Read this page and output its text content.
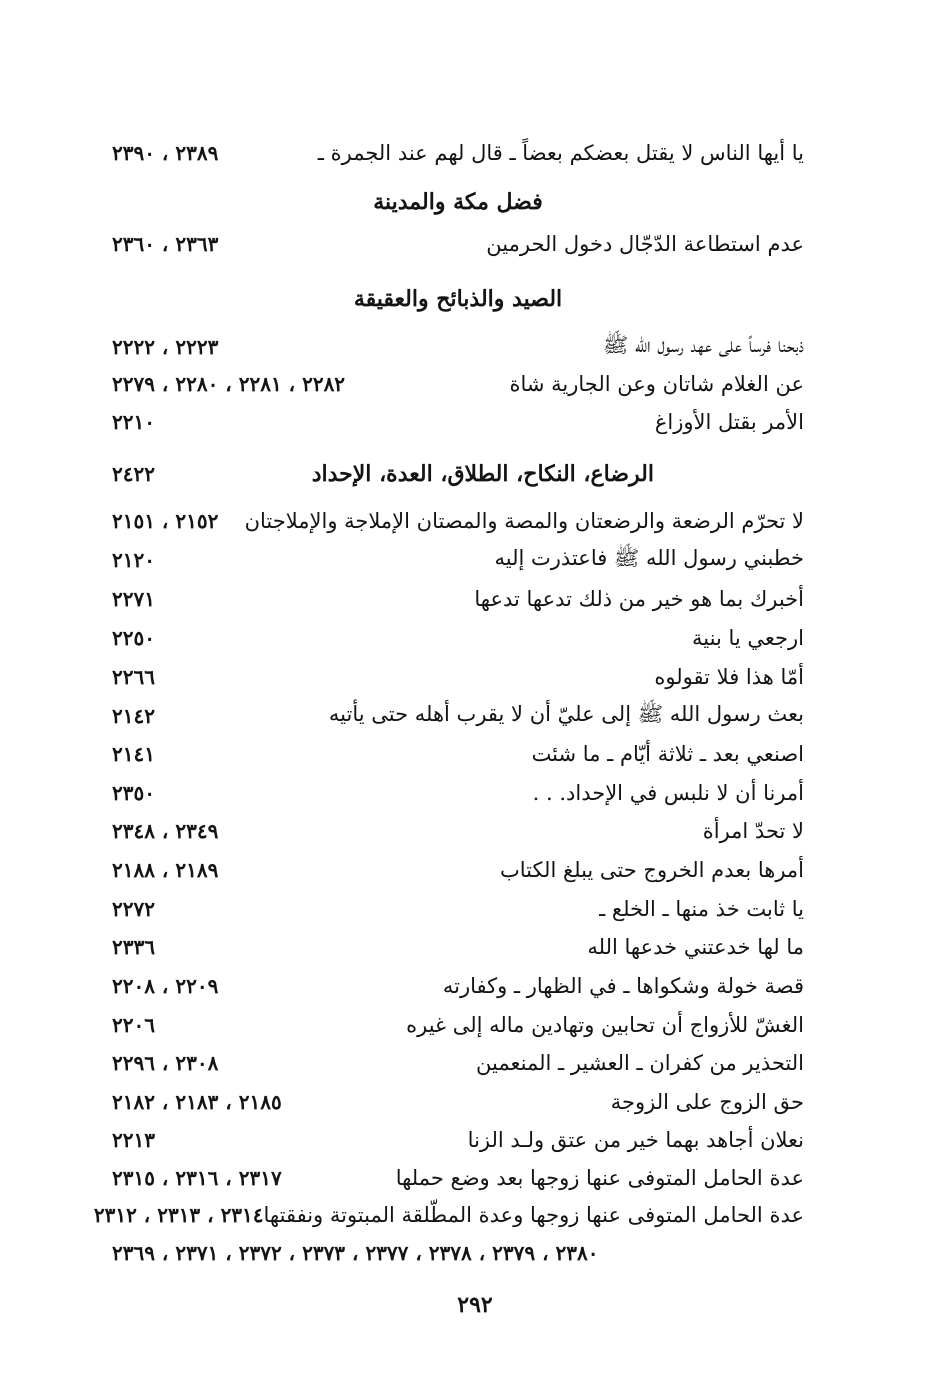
يا أيها الناس لا يقتل بعضكم بعضاً ـ قال لهم عند الجمرة ـ
٢٣٨٩ ، ٢٣٩٠
فضل مكة والمدينة
عدم استطاعة الدّجّال دخول الحرمين
٢٣٦٣ ، ٢٣٦٠
الصيد والذبائح والعقيقة
ذبحنا فرساً على عهد رسول الله ﷺ
٢٢٢٣ ، ٢٢٢٢
عن الغلام شاتان وعن الجارية شاة
٢٢٨٢ ، ٢٢٨١ ، ٢٢٨٠ ، ٢٢٧٩
الأمر بقتل الأوزاغ
٢٢١٠
الرضاع، النكاح، الطلاق، العدة، الإحداد
٢٤٢٢
لا تحرّم الرضعة والرضعتان والمصة والمصتان الإملاجة والإملاجتان
٢١٥٢ ، ٢١٥١
خطبني رسول الله ﷺ فاعتذرت إليه
٢١٢٠
أخبرك بما هو خير من ذلك تدعها تدعها
٢٢٧١
ارجعي يا بنية
٢٢٥٠
أمّا هذا فلا تقولوه
٢٢٦٦
بعث رسول الله ﷺ إلى عليّ أن لا يقرب أهله حتى يأتيه
٢١٤٢
اصنعي بعد ـ ثلاثة أيّام ـ ما شئت
٢١٤١
أمرنا أن لا نلبس في الإحداد. . .
٢٣٥٠
لا تحدّ امرأة
٢٣٤٩ ، ٢٣٤٨
أمرها بعدم الخروج حتى يبلغ الكتاب
٢١٨٩ ، ٢١٨٨
يا ثابت خذ منها ـ الخلع ـ
٢٢٧٢
ما لها خدعتني خدعها الله
٢٣٣٦
قصة خولة وشكواها ـ في الظهار ـ وكفارته
٢٢٠٩ ، ٢٢٠٨
الغشّ للأزواج أن تحابين وتهادين ماله إلى غيره
٢٢٠٦
التحذير من كفران ـ العشير ـ المنعمين
٢٣٠٨ ، ٢٢٩٦
حق الزوج على الزوجة
٢١٨٥ ، ٢١٨٣ ، ٢١٨٢
نعلان أجاهد بهما خير من عتق ولـد الزنا
٢٢١٣
عدة الحامل المتوفى عنها زوجها بعد وضع حملها
٢٣١٧ ، ٢٣١٦ ، ٢٣١٥
عدة الحامل المتوفى عنها زوجها وعدة المطّلقة المبتوتة ونفقتها
٢٣١٤ ، ٢٣١٣ ، ٢٣١٢
٢٣٨٠ ، ٢٣٧٩ ، ٢٣٧٨ ، ٢٣٧٧ ، ٢٣٧٣ ، ٢٣٧٢ ، ٢٣٧١ ، ٢٣٦٩
٢٩٢
